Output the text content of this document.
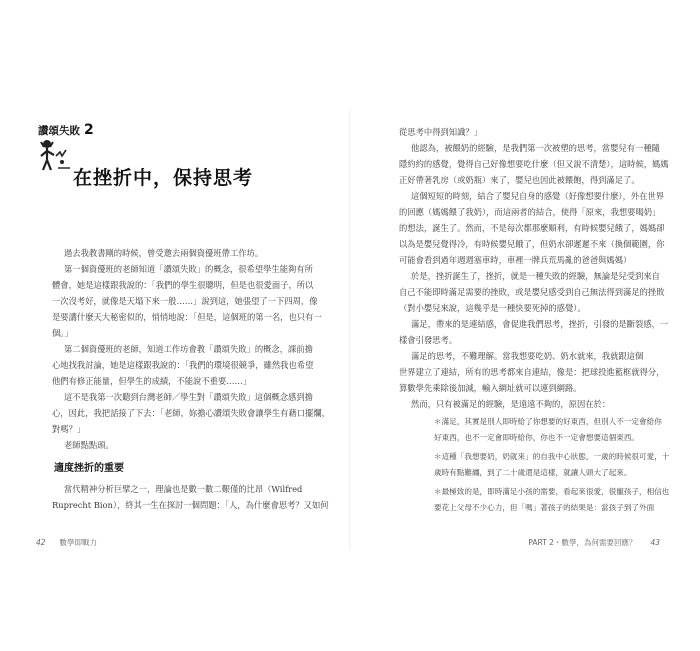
讚頌失敗 2
在挫折中，保持思考
過去我教書剛的時候，曾受邀去兩個資優班帶工作坊。
第一個資優班的老師知道「讚頌失敗」的概念，很希望學生能夠有所
體會，她是這樣跟我說的：「我們的學生很聰明，但是也很愛面子，所以
一次沒考好，就像是天塌下來一般……」說到這，她張望了一下四周，像
是要講什麼天大秘密似的，悄悄地說：「但是，這個班的第一名，也只有一
個。」
第二個資優班的老師，知道工作坊會教「讚頌失敗」的概念，課前擔
心地找我討論，她是這樣跟我說的：「我們的環境很競爭，雖然我也希望
他們有修正能量，但學生的成績，不能說不重要……」
這不是我第一次聽到台灣老師／學生對「讚頌失敗」這個概念感到擔
心，因此，我把話接了下去：「老師，妳擔心讚頌失敗會讓學生有藉口擺爛，
對嗎？」
老師點點頭。
適度挫折的重要
當代精神分析巨擘之一，理論也是數一數二艱僅的比昂（Wilfred
Ruprecht Bion），終其一生在探討一個問題：「人，為什麼會思考？又如何
42 數學即戰力
從思考中得到知識？」
他認為，被餵奶的經驗，是我們第一次被塑的思考，當嬰兒有一種隨
隱約約的感覺，覺得自己好像想要吃什麼（但又說不清楚），這時候，媽媽
正好帶著乳房（或奶瓶）來了，嬰兒也因此被餵飽，得到滿足了。
這個短短的時刻，結合了嬰兒自身的感覺（好像想要什麼），外在世界
的回應（媽媽餵了我奶），而這兩者的結合，使得「原來，我想要喝奶」
的想法，誕生了。然而，不是每次都那麼順利，有時候嬰兒餓了，媽媽卻
以為是嬰兒覺得冷，有時候嬰兒餓了，但奶水卻遲遲不來（換個範圍，你
可能會看到過年週週塞車時，車裡一牌兵荒馬亂的爸爸與媽媽）
於是，挫折誕生了，挫折，就是一種失敗的經驗，無論是兒受到來自
自己不能即時滿足需要的挫敗，或是嬰兒感受到自己無法得到滿足的挫敗
（對小嬰兒來說，這幾乎是一種快要死掉的感覺）。
滿足，帶來的是連結感，會促進我們思考，挫折，引發的是斷裂感，一
樣會引發思考。
滿足的思考，不難理解。當我想要吃奶、奶水就來，我就跟這個
世界建立了連結，所有的思考都來自連結，像是：把球投進籃框就得分，
算數學先乘除後加減，輸入網址就可以連到網路。
然而，只有被滿足的經驗，是遠遠不夠的，原因在於：
＊滿足，其實是別人即時給了你想要的好東西，但別人不一定會給你
好東西，也不一定會即時給你，你也不一定會想要這個東西。
＊這種「我想要奶，奶就來」的自我中心狀態，一歲的時候很可愛，十
歲時有點難纏，到了二十歲還是這樣，就讓人頭大了起來。
＊最極致的是，即時滿足小孩的需要，看起來很愛，很寵孩子，相信也
要花上父母不少心力，但「嗎」著孩子的結果是：當孩子到了外面
PART 2・數學，為何需要回應？ 43
